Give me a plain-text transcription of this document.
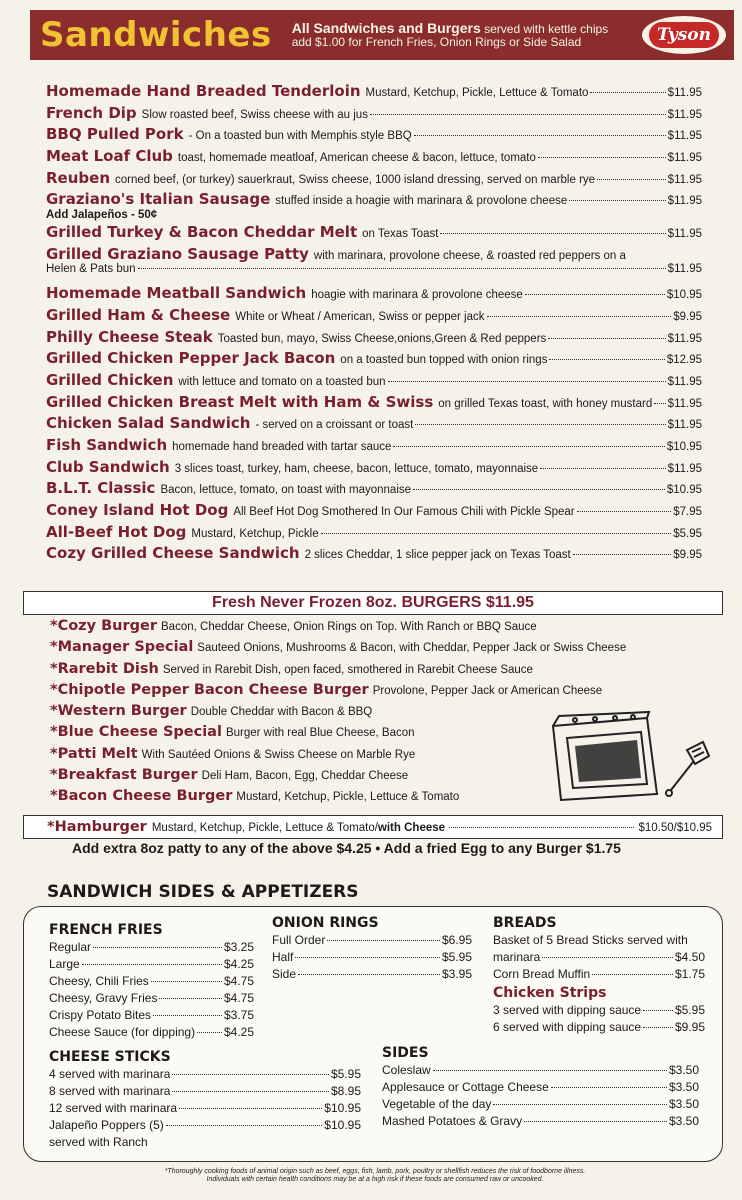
Sandwiches All Sandwiches and Burgers served with kettle chips
add $1.00 for French Fries, Onion Rings or Side Salad	Tyson
Homemade Hand Breaded Tenderloin Mustard, Ketchup, Pickle, Lettuce & Tomato	$11.95
French Dip Slow roasted beef, Swiss cheese with au jus	$11.95
BBQ Pulled Pork - On a toasted bun with Memphis style BBQ	$11.95
Meat Loaf Club toast, homemade meatloaf, American cheese & bacon, lettuce, tomato	$11.95
Reuben corned beef, (or turkey) sauerkraut, Swiss cheese, 1000 island dressing, served on marble rye	$11.95
Graziano's Italian Sausage stuffed inside a hoagie with marinara & provolone cheese	$11.95
Add Jalapeños - 50¢
Grilled Turkey & Bacon Cheddar Melt on Texas Toast	$11.95
Grilled Graziano Sausage Patty with marinara, provolone cheese, & roasted red peppers on a
Helen & Pats bun	$11.95
Homemade Meatball Sandwich hoagie with marinara & provolone cheese	$10.95
Grilled Ham & Cheese White or Wheat / American, Swiss or pepper jack	$9.95
Philly Cheese Steak Toasted bun, mayo, Swiss Cheese,onions,Green & Red peppers	$11.95
Grilled Chicken Pepper Jack Bacon on a toasted bun topped with onion rings	$12.95
Grilled Chicken with lettuce and tomato on a toasted bun	$11.95
Grilled Chicken Breast Melt with Ham & Swiss on grilled Texas toast, with honey mustard $11.95
Chicken Salad Sandwich - served on a croissant or toast	$11.95
Fish Sandwich homemade hand breaded with tartar sauce	$10.95
Club Sandwich 3 slices toast, turkey, ham, cheese, bacon, lettuce, tomato, mayonnaise	$11.95
B.L.T. Classic Bacon, lettuce, tomato, on toast with mayonnaise	$10.95
Coney Island Hot Dog All Beef Hot Dog Smothered In Our Famous Chili with Pickle Spear	$7.95
All-Beef Hot Dog Mustard, Ketchup, Pickle	$5.95
Cozy Grilled Cheese Sandwich 2 slices Cheddar, 1 slice pepper jack on Texas Toast	$9.95
Fresh Never Frozen 8oz. BURGERS $11.95
*Cozy Burger Bacon, Cheddar Cheese, Onion Rings on Top. With Ranch or BBQ Sauce
*Manager Special Sauteed Onions, Mushrooms & Bacon, with Cheddar, Pepper Jack or Swiss Cheese
*Rarebit Dish Served in Rarebit Dish, open faced, smothered in Rarebit Cheese Sauce
*Chipotle Pepper Bacon Cheese Burger Provolone, Pepper Jack or American Cheese
*Western Burger Double Cheddar with Bacon & BBQ
*Blue Cheese Special Burger with real Blue Cheese, Bacon
*Patti Melt With Sautéed Onions & Swiss Cheese on Marble Rye
*Breakfast Burger Deli Ham, Bacon, Egg, Cheddar Cheese
*Bacon Cheese Burger Mustard, Ketchup, Pickle, Lettuce & Tomato
*Hamburger Mustard, Ketchup, Pickle, Lettuce & Tomato/with Cheese	$10.50/$10.95
Add extra 8oz patty to any of the above $4.25 • Add a fried Egg to any Burger $1.75
SANDWICH SIDES & APPETIZERS
FRENCH FRIES
Regular	$3.25
Large	$4.25
Cheesy, Chili Fries	$4.75
Cheesy, Gravy Fries	$4.75
Crispy Potato Bites	$3.75
Cheese Sauce (for dipping) $4.25
ONION RINGS
Full Order	$6.95
Half	$5.95
Side	$3.95
BREADS
Basket of 5 Bread Sticks served with
marinara	$4.50
Corn Bread Muffin	$1.75
Chicken Strips
3 served with dipping sauce	$5.95
6 served with dipping sauce	$9.95
CHEESE STICKS
4 served with marinara	$5.95
8 served with marinara	$8.95
12 served with marinara	$10.95
Jalapeño Poppers (5)	$10.95
served with Ranch
SIDES
Coleslaw	$3.50
Applesauce or Cottage Cheese	$3.50
Vegetable of the day	$3.50
Mashed Potatoes & Gravy	$3.50
*Thoroughly cooking foods of animal origin such as beef, eggs, fish, lamb, pork, poultry or shellfish reduces the risk of foodborne illness.
Individuals with certain health conditions may be at a high risk if these foods are consumed raw or uncooked.
